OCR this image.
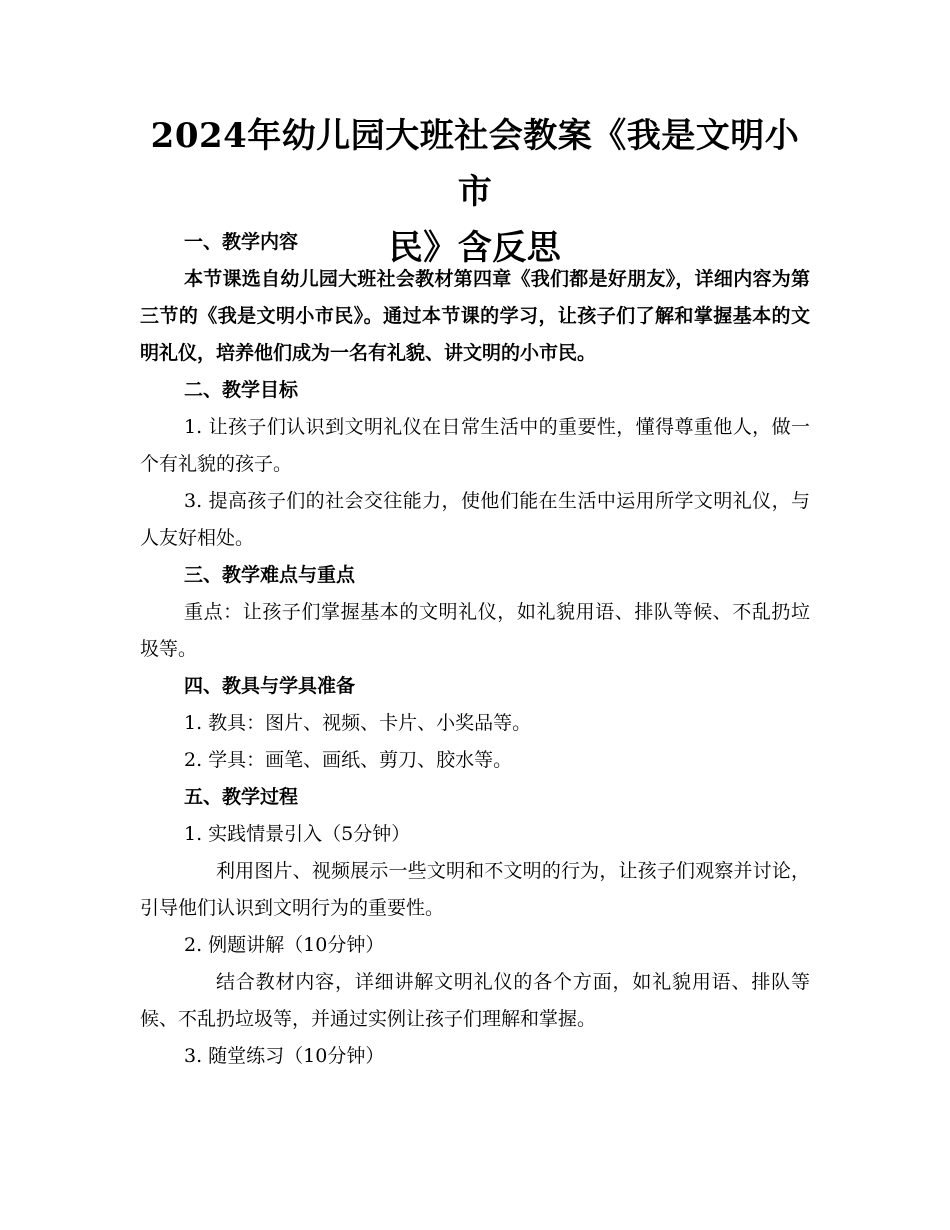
2024年幼儿园大班社会教案《我是文明小市
民》含反思

一、教学内容

本节课选自幼儿园大班社会教材第四章《我们都是好朋友》，详细内容为第三节的《我是文明小市民》。通过本节课的学习，让孩子们了解和掌握基本的文明礼仪，培养他们成为一名有礼貌、讲文明的小市民。

二、教学目标

1. 让孩子们认识到文明礼仪在日常生活中的重要性，懂得尊重他人，做一个有礼貌的孩子。

3. 提高孩子们的社会交往能力，使他们能在生活中运用所学文明礼仪，与人友好相处。

三、教学难点与重点

重点：让孩子们掌握基本的文明礼仪，如礼貌用语、排队等候、不乱扔垃圾等。

四、教具与学具准备

1. 教具：图片、视频、卡片、小奖品等。

2. 学具：画笔、画纸、剪刀、胶水等。

五、教学过程

1. 实践情景引入（5分钟）

利用图片、视频展示一些文明和不文明的行为，让孩子们观察并讨论，引导他们认识到文明行为的重要性。

2. 例题讲解（10分钟）

结合教材内容，详细讲解文明礼仪的各个方面，如礼貌用语、排队等候、不乱扔垃圾等，并通过实例让孩子们理解和掌握。

3. 随堂练习（10分钟）
